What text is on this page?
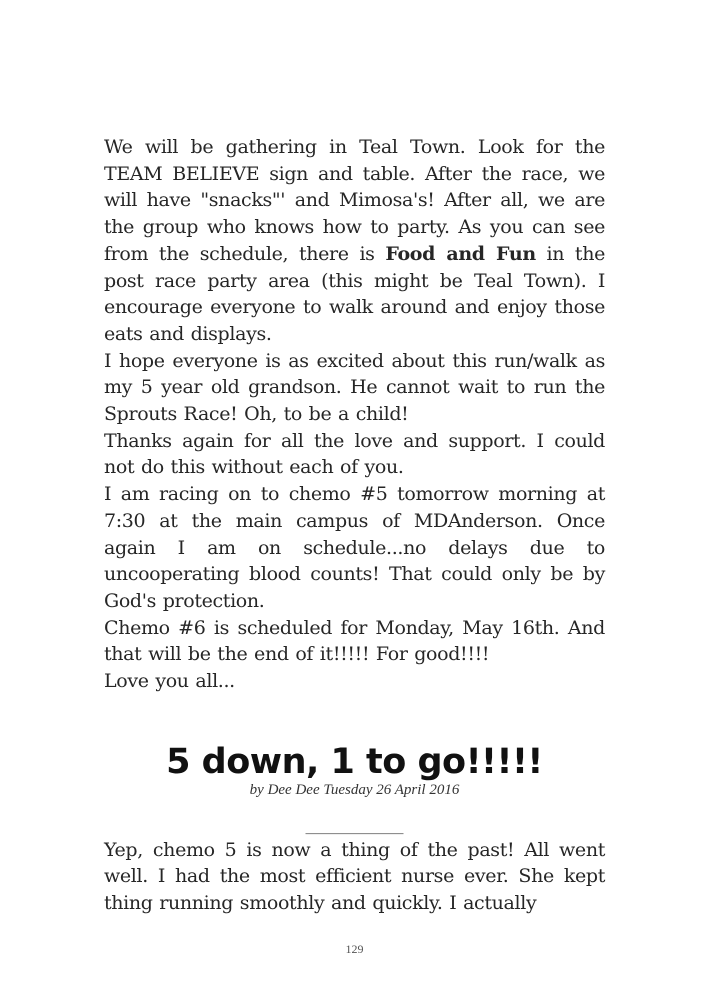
We will be gathering in Teal Town. Look for the TEAM BELIEVE sign and table. After the race, we will have "snacks"' and Mimosa's! After all, we are the group who knows how to party. As you can see from the schedule, there is Food and Fun in the post race party area (this might be Teal Town). I encourage everyone to walk around and enjoy those eats and displays.

I hope everyone is as excited about this run/walk as my 5 year old grandson. He cannot wait to run the Sprouts Race! Oh, to be a child!

Thanks again for all the love and support. I could not do this without each of you.

I am racing on to chemo #5 tomorrow morning at 7:30 at the main campus of MDAnderson. Once again I am on schedule...no delays due to uncooperating blood counts! That could only be by God's protection.

Chemo #6 is scheduled for Monday, May 16th. And that will be the end of it!!!!! For good!!!!

Love you all...

5 down, 1 to go!!!!!

by Dee Dee Tuesday 26 April 2016

______________

Yep, chemo 5 is now a thing of the past! All went well. I had the most efficient nurse ever. She kept thing running smoothly and quickly. I actually

129
